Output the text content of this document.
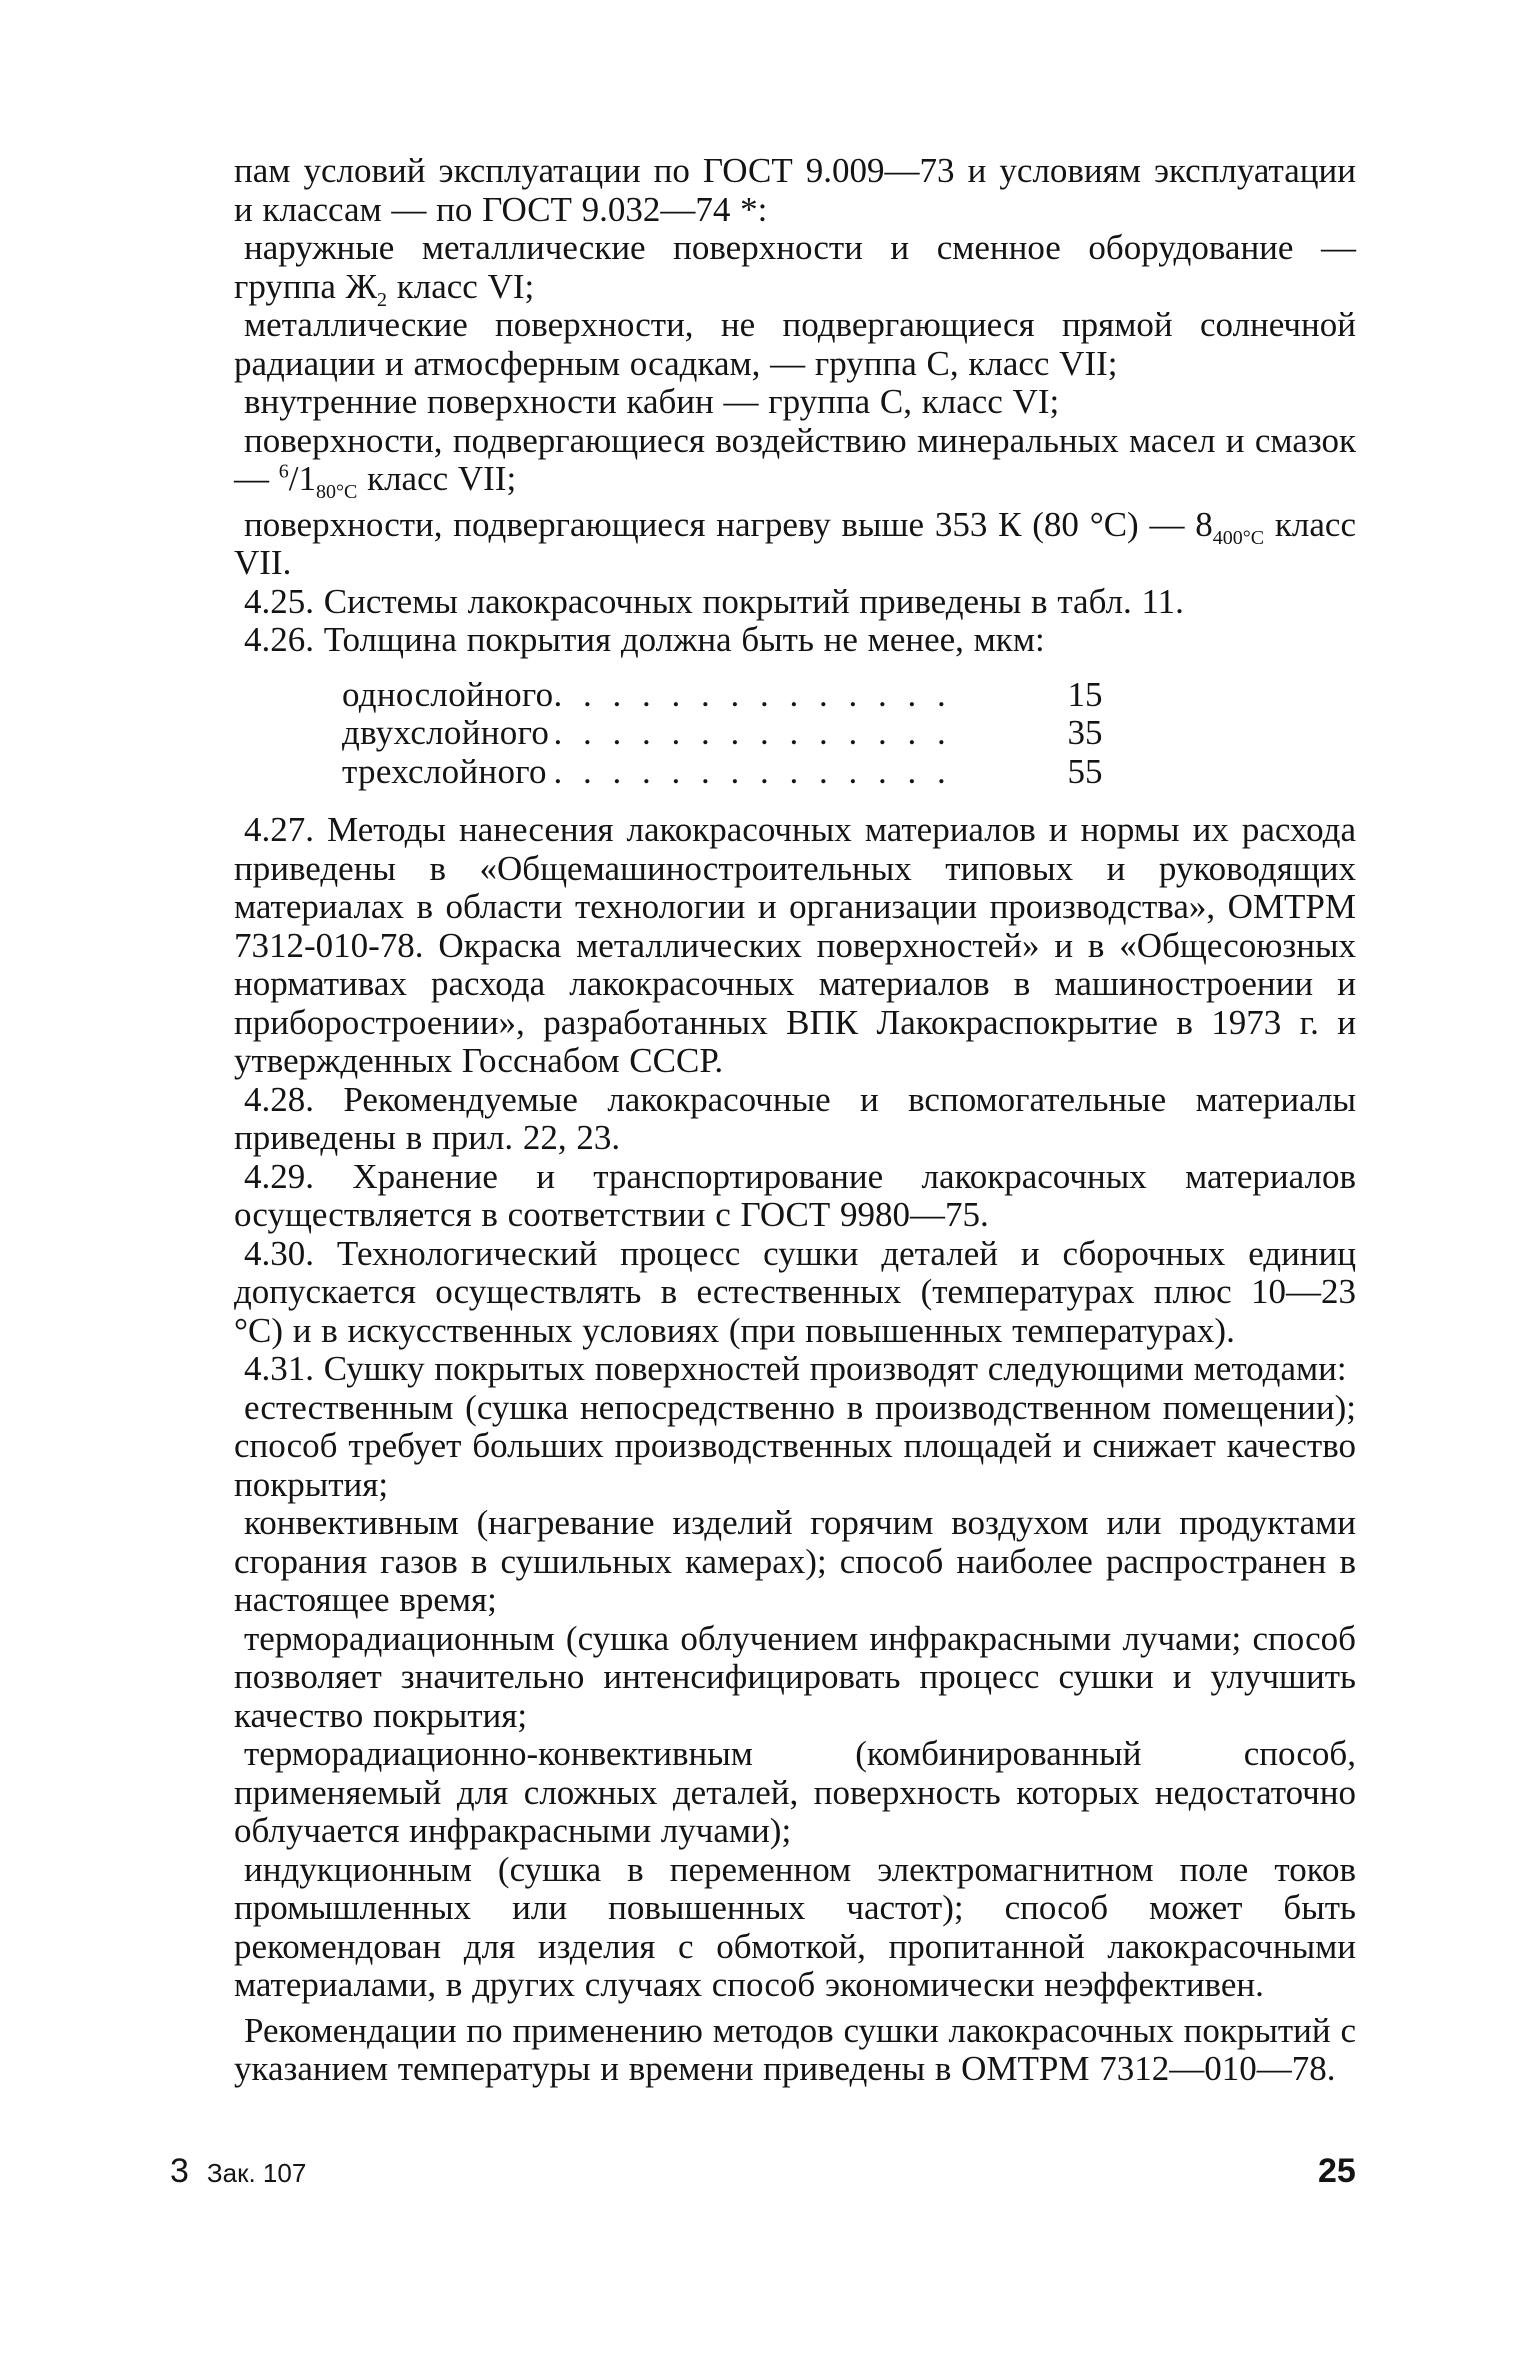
пам условий эксплуатации по ГОСТ 9.009—73 и условиям эксплуатации и классам — по ГОСТ 9.032—74 *:

наружные металлические поверхности и сменное оборудование — группа $Ж_2$ класс VI;

металлические поверхности, не подвергающиеся прямой солнечной радиации и атмосферным осадкам, — группа С, класс VII;

внутренние поверхности кабин — группа С, класс VI;

поверхности, подвергающиеся воздействию минеральных масел и смазок — $^6/1_{80^\circ С}$ класс VII;

поверхности, подвергающиеся нагреву выше 353 К (80 °С) — $8_{400^\circ С}$ класс VII.

4.25. Системы лакокрасочных покрытий приведены в табл. 11.

4.26. Толщина покрытия должна быть не менее, мкм:

однослойного	. . . . . . . . . . . . . .	15
двухслойного	. . . . . . . . . . . . . .	35
трехслойного	. . . . . . . . . . . . . .	55

4.27. Методы нанесения лакокрасочных материалов и нормы их расхода приведены в «Общемашиностроительных типовых и руководящих материалах в области технологии и организации производства», ОМТРМ 7312-010-78. Окраска металлических поверхностей» и в «Общесоюзных нормативах расхода лакокрасочных материалов в машиностроении и приборостроении», разработанных ВПК Лакокраспокрытие в 1973 г. и утвержденных Госснабом СССР.

4.28. Рекомендуемые лакокрасочные и вспомогательные материалы приведены в прил. 22, 23.

4.29. Хранение и транспортирование лакокрасочных материалов осуществляется в соответствии с ГОСТ 9980—75.

4.30. Технологический процесс сушки деталей и сборочных единиц допускается осуществлять в естественных (температурах плюс 10—23 °С) и в искусственных условиях (при повышенных температурах).

4.31. Сушку покрытых поверхностей производят следующими методами:

естественным (сушка непосредственно в производственном помещении); способ требует больших производственных площадей и снижает качество покрытия;

конвективным (нагревание изделий горячим воздухом или продуктами сгорания газов в сушильных камерах); способ наиболее распространен в настоящее время;

терморадиационным (сушка облучением инфракрасными лучами; способ позволяет значительно интенсифицировать процесс сушки и улучшить качество покрытия;

терморадиационно-конвективным (комбинированный способ, применяемый для сложных деталей, поверхность которых недостаточно облучается инфракрасными лучами);

индукционным (сушка в переменном электромагнитном поле токов промышленных или повышенных частот); способ может быть рекомендован для изделия с обмоткой, пропитанной лакокрасочными материалами, в других случаях способ экономически неэффективен.

Рекомендации по применению методов сушки лакокрасочных покрытий с указанием температуры и времени приведены в ОМТРМ 7312—010—78.

3 Зак. 107	25
